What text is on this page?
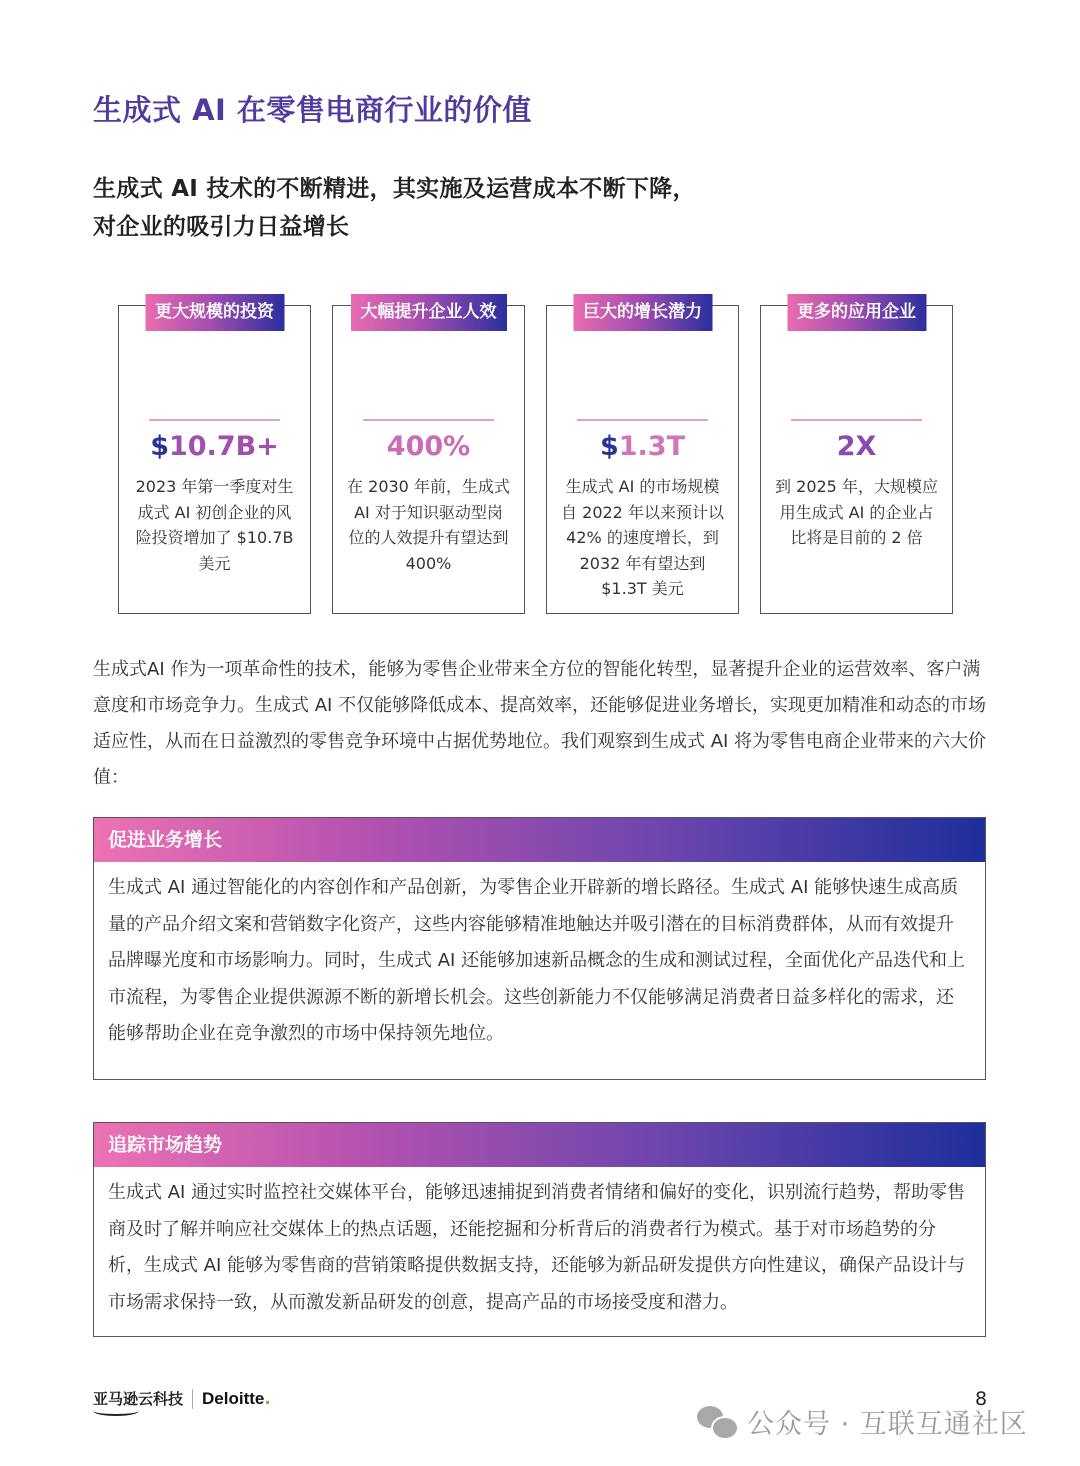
生成式 AI 在零售电商行业的价值
生成式 AI 技术的不断精进，其实施及运营成本不断下降，
对企业的吸引力日益增长
更大规模的投资
$10.7B+
2023 年第一季度对生成式 AI 初创企业的风险投资增加了 $10.7B 美元
大幅提升企业人效
400%
在 2030 年前，生成式 AI 对于知识驱动型岗位的人效提升有望达到 400%
巨大的增长潜力
$1.3T
生成式 AI 的市场规模自 2022 年以来预计以 42% 的速度增长，到 2032 年有望达到 $1.3T 美元
更多的应用企业
2X
到 2025 年，大规模应用生成式 AI 的企业占比将是目前的 2 倍
生成式AI 作为一项革命性的技术，能够为零售企业带来全方位的智能化转型，显著提升企业的运营效率、客户满意度和市场竞争力。生成式 AI 不仅能够降低成本、提高效率，还能够促进业务增长，实现更加精准和动态的市场适应性，从而在日益激烈的零售竞争环境中占据优势地位。我们观察到生成式 AI 将为零售电商企业带来的六大价值：
促进业务增长
生成式 AI 通过智能化的内容创作和产品创新，为零售企业开辟新的增长路径。生成式 AI 能够快速生成高质量的产品介绍文案和营销数字化资产，这些内容能够精准地触达并吸引潜在的目标消费群体，从而有效提升品牌曝光度和市场影响力。同时，生成式 AI 还能够加速新品概念的生成和测试过程，全面优化产品迭代和上市流程，为零售企业提供源源不断的新增长机会。这些创新能力不仅能够满足消费者日益多样化的需求，还能够帮助企业在竞争激烈的市场中保持领先地位。
追踪市场趋势
生成式 AI 通过实时监控社交媒体平台，能够迅速捕捉到消费者情绪和偏好的变化，识别流行趋势，帮助零售商及时了解并响应社交媒体上的热点话题，还能挖掘和分析背后的消费者行为模式。基于对市场趋势的分析，生成式 AI 能够为零售商的营销策略提供数据支持，还能够为新品研发提供方向性建议，确保产品设计与市场需求保持一致，从而激发新品研发的创意，提高产品的市场接受度和潜力。
亚马逊云科技 Deloitte .	8
公众号 · 互联互通社区
